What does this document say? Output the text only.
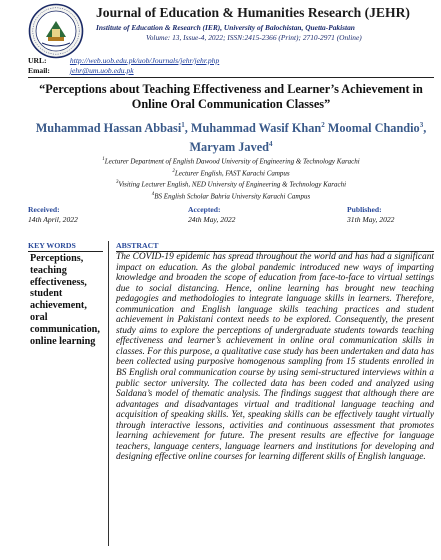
Journal of Education & Humanities Research (JEHR)
Institute of Education & Research (IER), University of Balochistan, Quetta-Pakistan
Volume: 13, Issue-4, 2022; ISSN:2415-2366 (Print); 2710-2971 (Online)
URL:	http://web.uob.edu.pk/uob/Journals/jehr/jehr.php
Email:	jehr@um.uob.edu.pk
“Perceptions about Teaching Effectiveness and Learner’s Achievement in Online Oral Communication Classes”
Muhammad Hassan Abbasi$^1$, Muhammad Wasif Khan$^2$ Moomal Chandio$^3$,
Maryam Javed$^4$
$^1$Lecturer Department of English Dawood University of Engineering & Technology Karachi
$^2$Lecturer English, FAST Karachi Campus
$^3$Visiting Lecturer English, NED University of Engineering & Technology Karachi
$^4$BS English Scholar Bahria University Karachi Campus
Received:
14th April, 2022
Accepted:
24th May, 2022
Published:
31th May, 2022
KEY WORDS
Perceptions, teaching effectiveness, student achievement, oral communication, online learning
ABSTRACT
The COVID-19 epidemic has spread throughout the world and has had a significant impact on education. As the global pandemic introduced new ways of imparting knowledge and broaden the scope of education from face-to-face to virtual settings due to social distancing. Hence, online learning has brought new teaching pedagogies and methodologies to integrate language skills in learners. Therefore, communication and English language skills teaching practices and student achievement in Pakistani context needs to be explored. Consequently, the present study aims to explore the perceptions of undergraduate students towards teaching effectiveness and learner’s achievement in online oral communication skills in classes. For this purpose, a qualitative case study has been undertaken and data has been collected using purposive homogenous sampling from 15 students enrolled in BS English oral communication course by using semi-structured interviews within a public sector university. The collected data has been coded and analyzed using Saldana’s model of thematic analysis. The findings suggest that although there are advantages and disadvantages virtual and traditional language teaching and acquisition of speaking skills. Yet, speaking skills can be effectively taught virtually through interactive lessons, activities and continuous assessment that promotes learning achievement for future. The present results are effective for language teachers, language centers, language learners and institutions for developing and designing effective online courses for learning different skills of English language.
